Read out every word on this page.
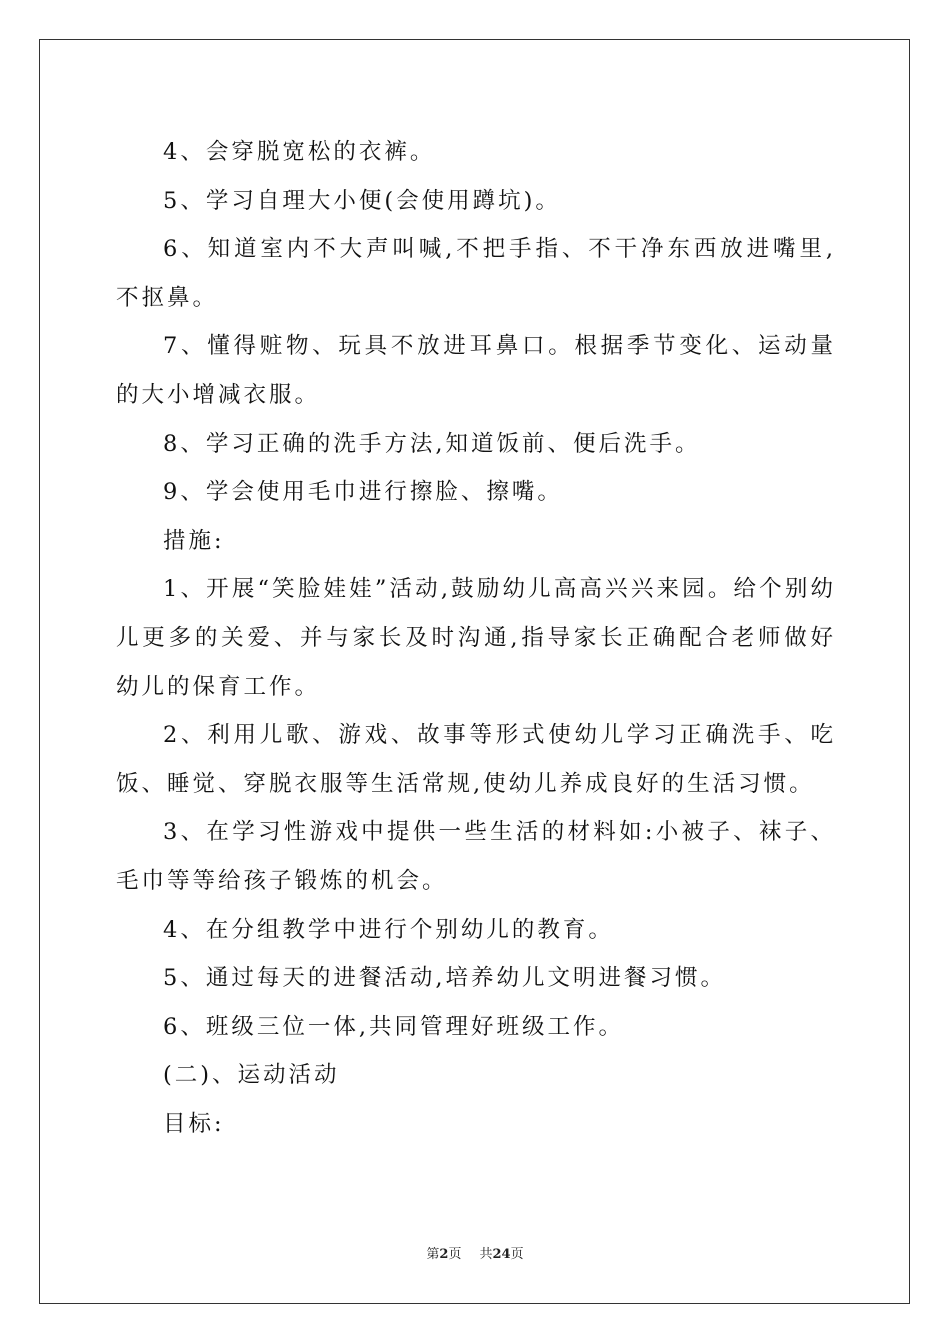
4、会穿脱宽松的衣裤。

5、学习自理大小便(会使用蹲坑)。

6、知道室内不大声叫喊,不把手指、不干净东西放进嘴里,不抠鼻。

7、懂得赃物、玩具不放进耳鼻口。根据季节变化、运动量的大小增减衣服。

8、学习正确的洗手方法,知道饭前、便后洗手。

9、学会使用毛巾进行擦脸、擦嘴。

措施:

1、开展“笑脸娃娃”活动,鼓励幼儿高高兴兴来园。给个别幼儿更多的关爱、并与家长及时沟通,指导家长正确配合老师做好幼儿的保育工作。

2、利用儿歌、游戏、故事等形式使幼儿学习正确洗手、吃饭、睡觉、穿脱衣服等生活常规,使幼儿养成良好的生活习惯。

3、在学习性游戏中提供一些生活的材料如:小被子、袜子、毛巾等等给孩子锻炼的机会。

4、在分组教学中进行个别幼儿的教育。

5、通过每天的进餐活动,培养幼儿文明进餐习惯。

6、班级三位一体,共同管理好班级工作。

(二)、运动活动

目标:

第2页 共24页
